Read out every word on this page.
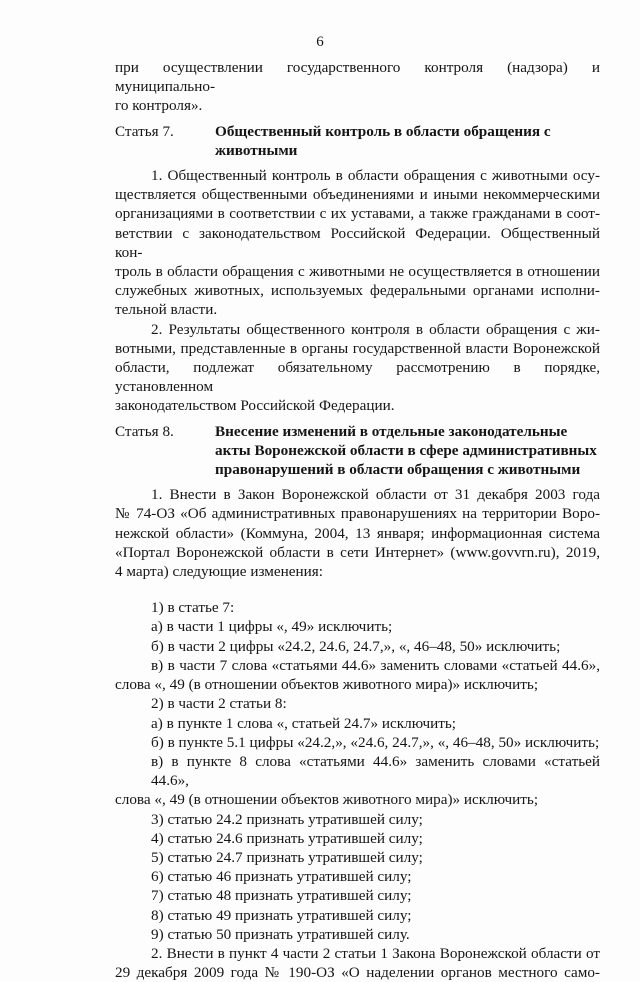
6

при осуществлении государственного контроля (надзора) и муниципально-

го контроля».

Статья 7.	Общественный контроль в области обращения с
животными

1. Общественный контроль в области обращения с животными осу-

ществляется общественными объединениями и иными некоммерческими

организациями в соответствии с их уставами, а также гражданами в соот-

ветствии с законодательством Российской Федерации. Общественный кон-

троль в области обращения с животными не осуществляется в отношении

служебных животных, используемых федеральными органами исполни-

тельной власти.

2. Результаты общественного контроля в области обращения с жи-

вотными, представленные в органы государственной власти Воронежской

области, подлежат обязательному рассмотрению в порядке, установленном

законодательством Российской Федерации.

Статья 8.	Внесение изменений в отдельные законодательные
акты Воронежской области в сфере административных
правонарушений в области обращения с животными

1. Внести в Закон Воронежской области от 31 декабря 2003 года

№ 74-ОЗ «Об административных правонарушениях на территории Воро-

нежской области» (Коммуна, 2004, 13 января; информационная система

«Портал Воронежской области в сети Интернет» (www.govvrn.ru), 2019,

4 марта) следующие изменения:

1) в статье 7:

а) в части 1 цифры «, 49» исключить;

б) в части 2 цифры «24.2, 24.6, 24.7,», «, 46–48, 50» исключить;

в) в части 7 слова «статьями 44.6» заменить словами «статьей 44.6»,

слова «, 49 (в отношении объектов животного мира)» исключить;

2) в части 2 статьи 8:

а) в пункте 1 слова «, статьей 24.7» исключить;

б) в пункте 5.1 цифры «24.2,», «24.6, 24.7,», «, 46–48, 50» исключить;

в) в пункте 8 слова «статьями 44.6» заменить словами «статьей 44.6»,

слова «, 49 (в отношении объектов животного мира)» исключить;

3) статью 24.2 признать утратившей силу;

4) статью 24.6 признать утратившей силу;

5) статью 24.7 признать утратившей силу;

6) статью 46 признать утратившей силу;

7) статью 48 признать утратившей силу;

8) статью 49 признать утратившей силу;

9) статью 50 признать утратившей силу.

2. Внести в пункт 4 части 2 статьи 1 Закона Воронежской области от

29 декабря 2009 года № 190-ОЗ «О наделении органов местного само-
